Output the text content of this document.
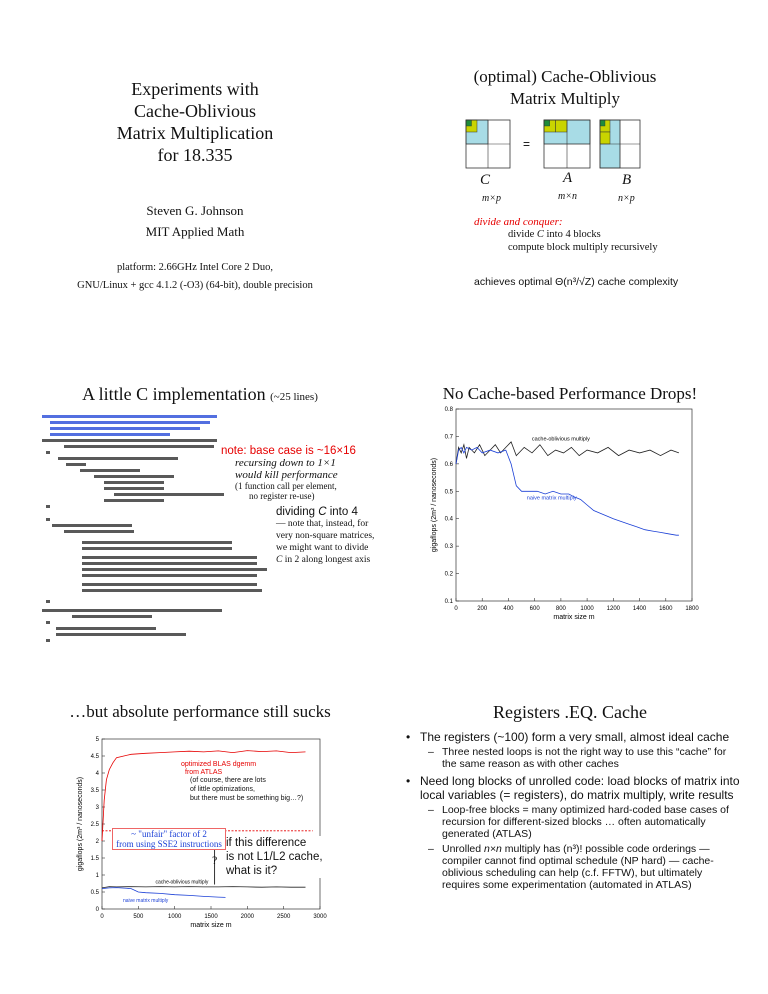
Experiments with
Cache-Oblivious
Matrix Multiplication
for 18.335
Steven G. Johnson
MIT Applied Math
platform: 2.66GHz Intel Core 2 Duo,
GNU/Linux + gcc 4.1.2 (-O3) (64-bit), double precision
(optimal) Cache-Oblivious
Matrix Multiply
=
C
m×p
A
m×n
B
n×p
divide and conquer:
divide C into 4 blocks
compute block multiply recursively
achieves optimal Θ(n³/√Z) cache complexity
A little C implementation (~25 lines)
note: base case is ~16×16
recursing down to 1×1
would kill performance
(1 function call per element,
no register re-use)
dividing C into 4
— note that, instead, for
very non-square matrices,
we might want to divide
C in 2 along longest axis
No Cache-based Performance Drops!
0	200	400	600	800 1000 1200 1400 1600 1800
0.1
0.2
0.3
0.4
0.5
0.6
0.7
0.8
matrix size m
gigaflops (2m³ / nanoseconds)
cache-oblivious multiply
naive matrix multiply
…but absolute performance still sucks
0	500	1000	1500	2000	2500	3000
0
0.5
1
1.5
2
2.5
3
3.5
4
4.5
5
matrix size m
gigaflops (2m³ / nanoseconds)
cache-oblivious multiply
naive matrix multiply
optimized BLAS dgemm
from ATLAS
(of course, there are lots
of little optimizations,
but there must be something big…?)
~ "unfair" factor of 2
from using SSE2 instructions
?
if this difference
is not L1/L2 cache,
what is it?
Registers .EQ. Cache
• The registers (~100) form a very small, almost ideal cache
– Three nested loops is not the right way to use this “cache” for the same reason as with other caches
• Need long blocks of unrolled code: load blocks of matrix into local variables (= registers), do matrix multiply, write results
– Loop-free blocks = many optimized hard-coded base cases of recursion for different-sized blocks … often automatically generated (ATLAS)
– Unrolled n×n multiply has (n³)! possible code orderings — compiler cannot find optimal schedule (NP hard) — cache-oblivious scheduling can help (c.f. FFTW), but ultimately requires some experimentation (automated in ATLAS)
